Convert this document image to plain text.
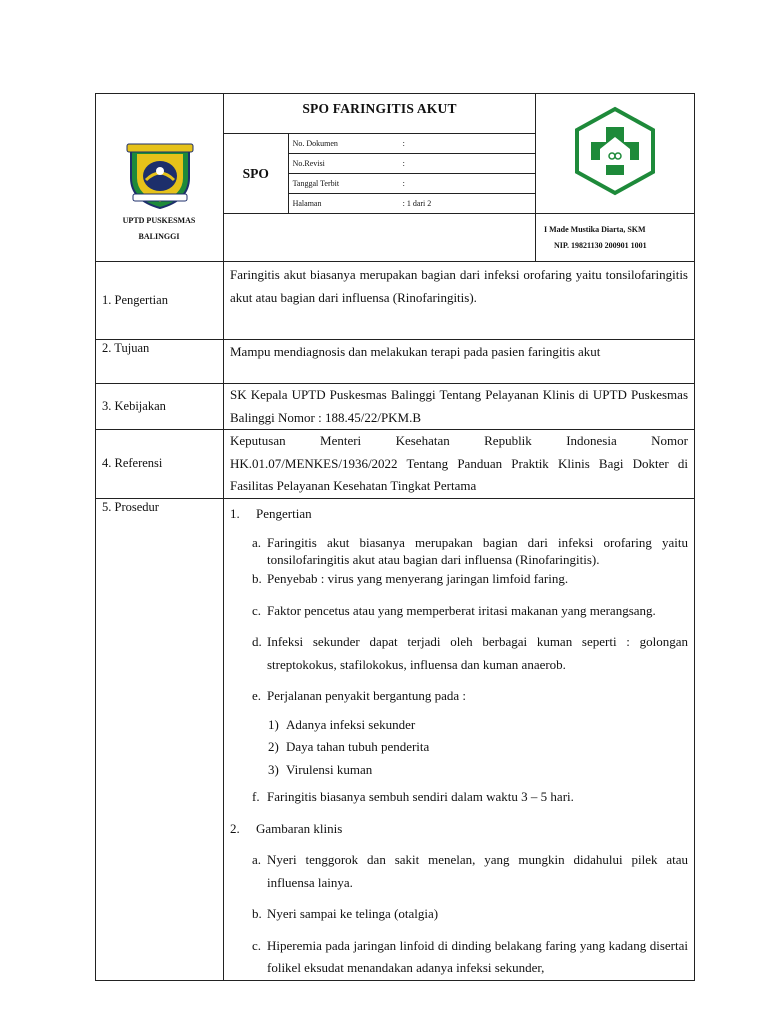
SPO FARINGITIS AKUT
SPO
No. Dokumen	:
No.Revisi	:
Tanggal Terbit	:
Halaman	: 1 dari 2

I Made Mustika Diarta, SKM
NIP. 19821130 200901 1001

1. Pengertian	Faringitis akut biasanya merupakan bagian dari infeksi orofaring yaitu tonsilofaringitis akut atau bagian dari influensa (Rinofaringitis).
2. Tujuan	Mampu mendiagnosis dan melakukan terapi pada pasien faringitis akut
3. Kebijakan	SK Kepala UPTD Puskesmas Balinggi Tentang Pelayanan Klinis di UPTD Puskesmas Balinggi Nomor : 188.45/22/PKM.B
4. Referensi	Keputusan Menteri Kesehatan Republik Indonesia Nomor HK.01.07/MENKES/1936/2022 Tentang Panduan Praktik Klinis Bagi Dokter di Fasilitas Pelayanan Kesehatan Tingkat Pertama
5. Prosedur	1.	Pengertian
a. Faringitis akut biasanya merupakan bagian dari infeksi orofaring yaitu tonsilofaringitis akut atau bagian dari influensa (Rinofaringitis).
b. Penyebab : virus yang menyerang jaringan limfoid faring.
c. Faktor pencetus atau yang memperberat iritasi makanan yang merangsang.
d. Infeksi sekunder dapat terjadi oleh berbagai kuman seperti : golongan streptokokus, stafilokokus, influensa dan kuman anaerob.
e. Perjalanan penyakit bergantung pada :
1) Adanya infeksi sekunder
2) Daya tahan tubuh penderita
3) Virulensi kuman
f. Faringitis biasanya sembuh sendiri dalam waktu 3 – 5 hari.
2.	Gambaran klinis
a. Nyeri tenggorok dan sakit menelan, yang mungkin didahului pilek atau influensa lainya.
b. Nyeri sampai ke telinga (otalgia)
c. Hiperemia pada jaringan linfoid di dinding belakang faring yang kadang disertai folikel eksudat menandakan adanya infeksi sekunder,
UPTD PUSKESMAS
BALINGGI
